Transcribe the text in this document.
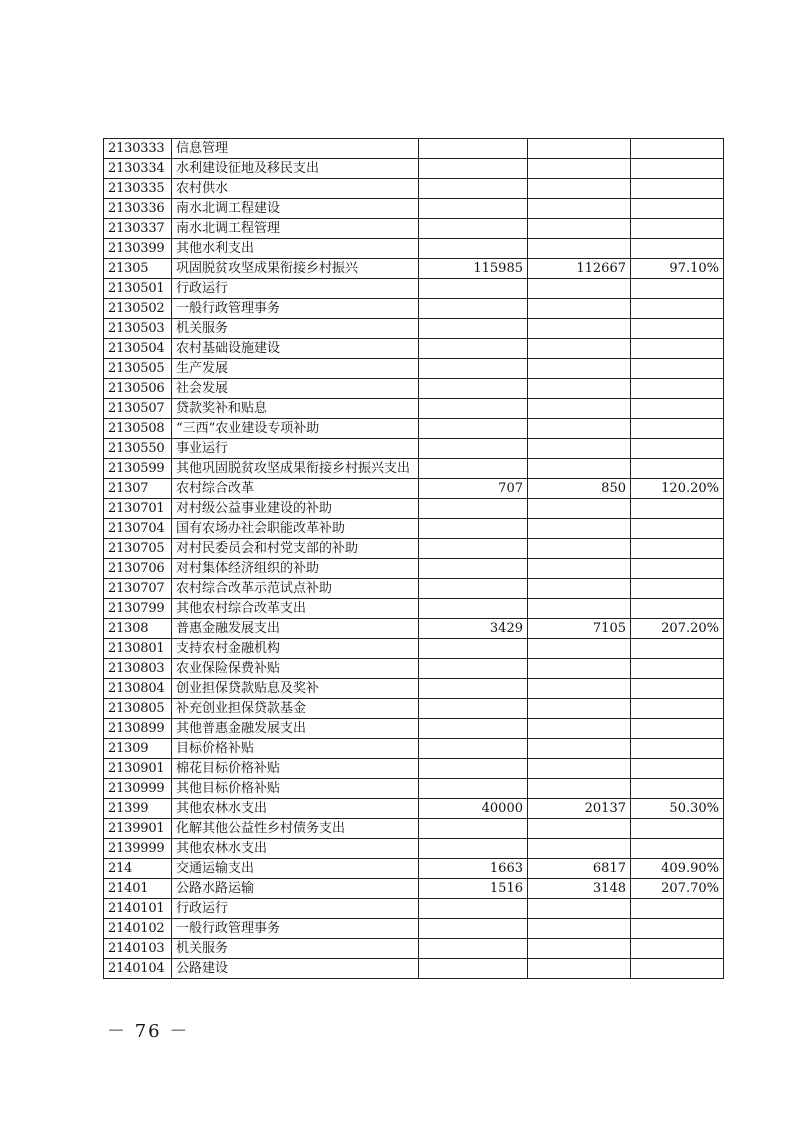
2130333	信息管理			
2130334	水利建设征地及移民支出			
2130335	农村供水			
2130336	南水北调工程建设			
2130337	南水北调工程管理			
2130399	其他水利支出			
21305	巩固脱贫攻坚成果衔接乡村振兴	115985	112667	97.10%
2130501	行政运行			
2130502	一般行政管理事务			
2130503	机关服务			
2130504	农村基础设施建设			
2130505	生产发展			
2130506	社会发展			
2130507	贷款奖补和贴息			
2130508	“三西”农业建设专项补助			
2130550	事业运行			
2130599	其他巩固脱贫攻坚成果衔接乡村振兴支出			
21307	农村综合改革	707	850	120.20%
2130701	对村级公益事业建设的补助			
2130704	国有农场办社会职能改革补助			
2130705	对村民委员会和村党支部的补助			
2130706	对村集体经济组织的补助			
2130707	农村综合改革示范试点补助			
2130799	其他农村综合改革支出			
21308	普惠金融发展支出	3429	7105	207.20%
2130801	支持农村金融机构			
2130803	农业保险保费补贴			
2130804	创业担保贷款贴息及奖补			
2130805	补充创业担保贷款基金			
2130899	其他普惠金融发展支出			
21309	目标价格补贴			
2130901	棉花目标价格补贴			
2130999	其他目标价格补贴			
21399	其他农林水支出	40000	20137	50.30%
2139901	化解其他公益性乡村债务支出			
2139999	其他农林水支出			
214	交通运输支出	1663	6817	409.90%
21401	公路水路运输	1516	3148	207.70%
2140101	行政运行			
2140102	一般行政管理事务			
2140103	机关服务			
2140104	公路建设			
－ 76 －
